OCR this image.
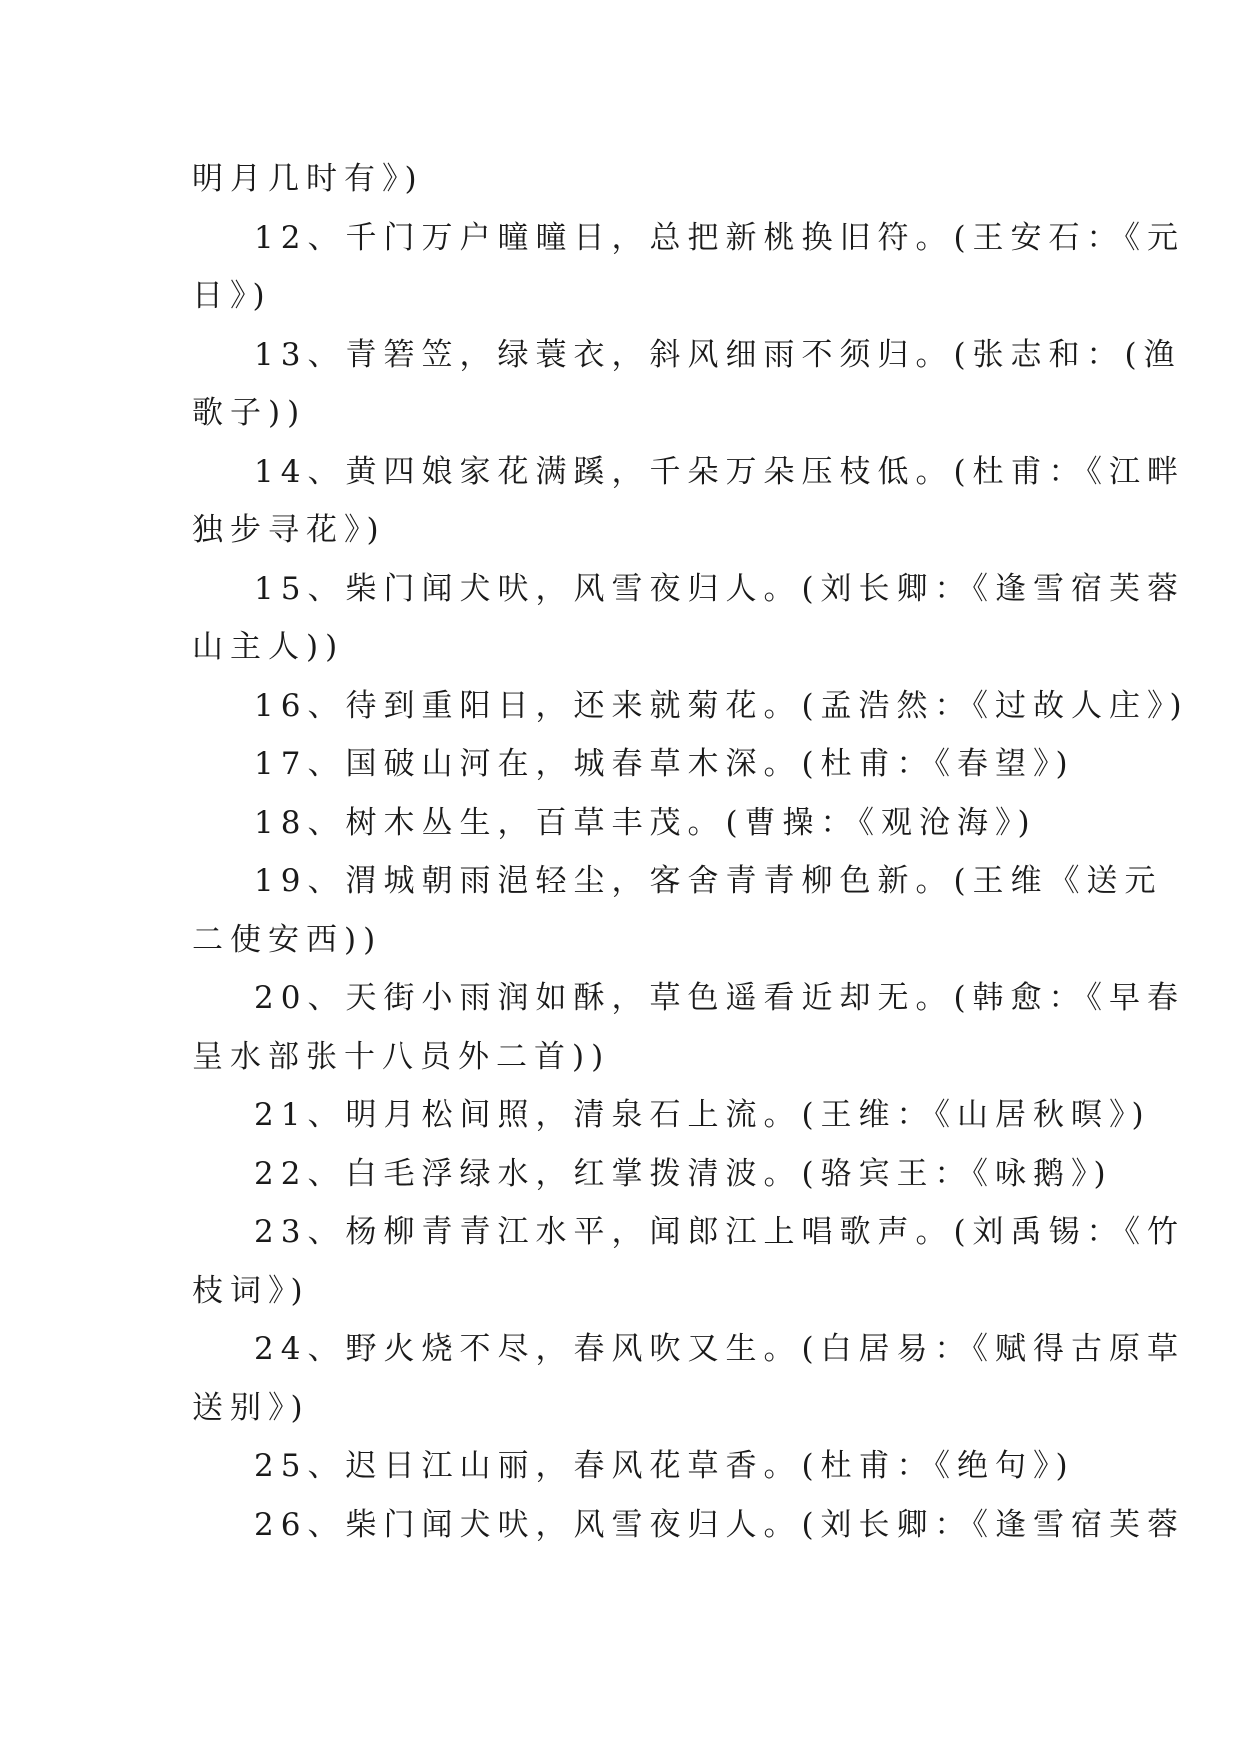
明月几时有》)
12、千门万户曈曈日，总把新桃换旧符。(王安石：《元
日》)
13、青箬笠，绿蓑衣，斜风细雨不须归。(张志和：(渔
歌子))
14、黄四娘家花满蹊，千朵万朵压枝低。(杜甫：《江畔
独步寻花》)
15、柴门闻犬吠，风雪夜归人。(刘长卿：《逢雪宿芙蓉
山主人))
16、待到重阳日，还来就菊花。(孟浩然：《过故人庄》)
17、国破山河在，城春草木深。(杜甫：《春望》)
18、树木丛生，百草丰茂。(曹操：《观沧海》)
19、渭城朝雨浥轻尘，客舍青青柳色新。(王维《送元
二使安西))
20、天街小雨润如酥，草色遥看近却无。(韩愈：《早春
呈水部张十八员外二首))
21、明月松间照，清泉石上流。(王维：《山居秋暝》)
22、白毛浮绿水，红掌拨清波。(骆宾王：《咏鹅》)
23、杨柳青青江水平，闻郎江上唱歌声。(刘禹锡：《竹
枝词》)
24、野火烧不尽，春风吹又生。(白居易：《赋得古原草
送别》)
25、迟日江山丽，春风花草香。(杜甫：《绝句》)
26、柴门闻犬吠，风雪夜归人。(刘长卿：《逢雪宿芙蓉
